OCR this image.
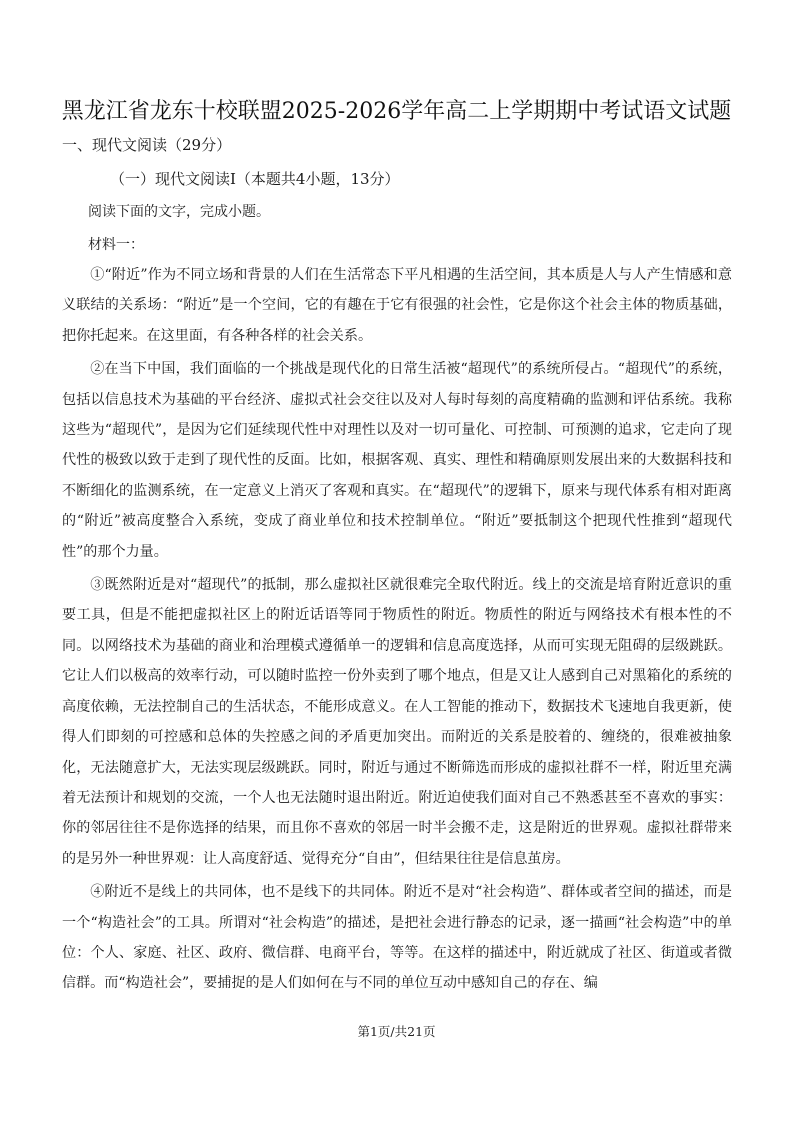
黑龙江省龙东十校联盟2025-2026学年高二上学期期中考试语文试题
一、现代文阅读（29分）
（一）现代文阅读Ⅰ（本题共4小题，13分）
阅读下面的文字，完成小题。
材料一：

①“附近”作为不同立场和背景的人们在生活常态下平凡相遇的生活空间，其本质是人与人产生情感和意义联结的关系场：“附近”是一个空间，它的有趣在于它有很强的社会性，它是你这个社会主体的物质基础，把你托起来。在这里面，有各种各样的社会关系。

②在当下中国，我们面临的一个挑战是现代化的日常生活被“超现代”的系统所侵占。“超现代”的系统，包括以信息技术为基础的平台经济、虚拟式社会交往以及对人每时每刻的高度精确的监测和评估系统。我称这些为“超现代”，是因为它们延续现代性中对理性以及对一切可量化、可控制、可预测的追求，它走向了现代性的极致以致于走到了现代性的反面。比如，根据客观、真实、理性和精确原则发展出来的大数据科技和不断细化的监测系统，在一定意义上消灭了客观和真实。在“超现代”的逻辑下，原来与现代体系有相对距离的“附近”被高度整合入系统，变成了商业单位和技术控制单位。“附近”要抵制这个把现代性推到“超现代性”的那个力量。

③既然附近是对“超现代”的抵制，那么虚拟社区就很难完全取代附近。线上的交流是培育附近意识的重要工具，但是不能把虚拟社区上的附近话语等同于物质性的附近。物质性的附近与网络技术有根本性的不同。以网络技术为基础的商业和治理模式遵循单一的逻辑和信息高度选择，从而可实现无阻碍的层级跳跃。它让人们以极高的效率行动，可以随时监控一份外卖到了哪个地点，但是又让人感到自己对黑箱化的系统的高度依赖，无法控制自己的生活状态，不能形成意义。在人工智能的推动下，数据技术飞速地自我更新，使得人们即刻的可控感和总体的失控感之间的矛盾更加突出。而附近的关系是胶着的、缠绕的，很难被抽象化，无法随意扩大，无法实现层级跳跃。同时，附近与通过不断筛选而形成的虚拟社群不一样，附近里充满着无法预计和规划的交流，一个人也无法随时退出附近。附近迫使我们面对自己不熟悉甚至不喜欢的事实：你的邻居往往不是你选择的结果，而且你不喜欢的邻居一时半会搬不走，这是附近的世界观。虚拟社群带来的是另外一种世界观：让人高度舒适、觉得充分“自由”，但结果往往是信息茧房。

④附近不是线上的共同体，也不是线下的共同体。附近不是对“社会构造”、群体或者空间的描述，而是一个“构造社会”的工具。所谓对“社会构造”的描述，是把社会进行静态的记录，逐一描画“社会构造”中的单位：个人、家庭、社区、政府、微信群、电商平台，等等。在这样的描述中，附近就成了社区、街道或者微信群。而“构造社会”，要捕捉的是人们如何在与不同的单位互动中感知自己的存在、编

第1页/共21页
